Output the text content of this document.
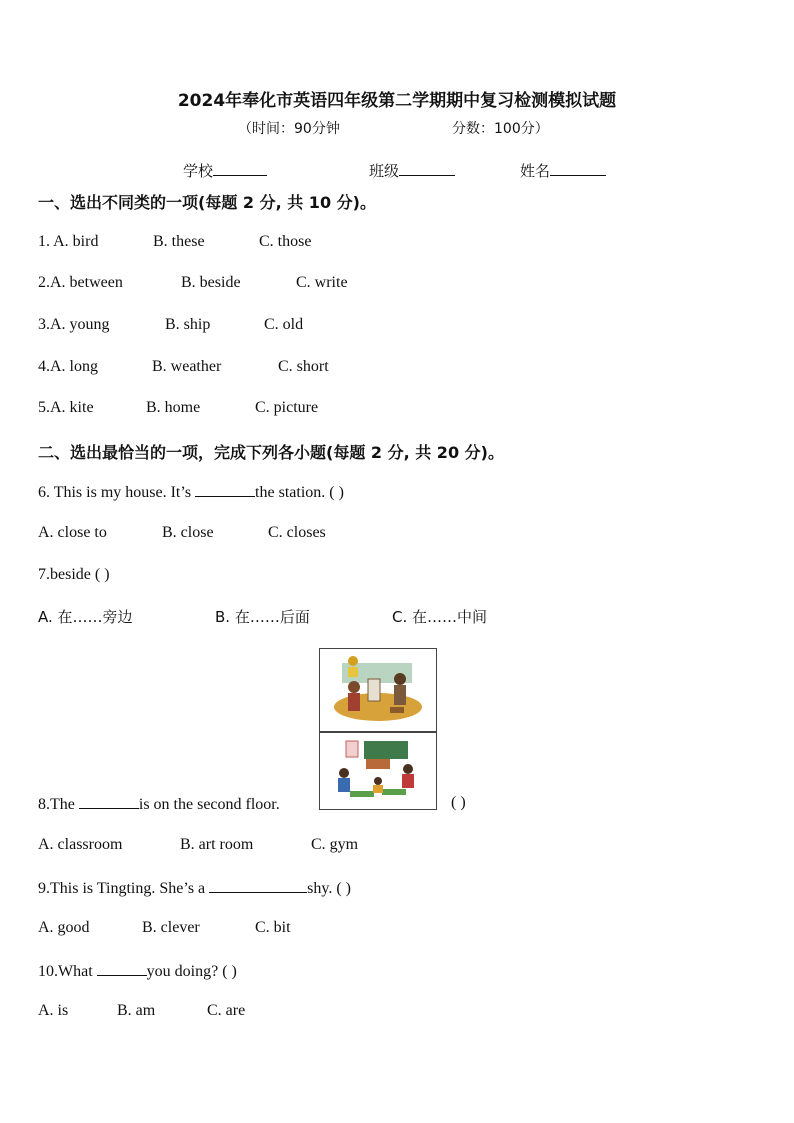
2024年奉化市英语四年级第二学期期中复习检测模拟试题
（时间：90分钟	分数：100分）
学校	班级	姓名
一、选出不同类的一项(每题 2 分, 共 10 分)。
1. A. bird	B. these	C. those
2.A. between	B. beside	C. write
3.A. young	B. ship	C. old
4.A. long	B. weather	C. short
5.A. kite	B. home	C. picture
二、选出最恰当的一项，完成下列各小题(每题 2 分, 共 20 分)。
6. This is my house. It’s	the station. ( )
A. close to	B. close	C. closes
7.beside ( )
A. 在……旁边	B. 在……后面	C. 在……中间
8.The	is on the second floor.	( )
A. classroom	B. art room	C. gym
9.This is Tingting. She’s a	shy. ( )
A. good	B. clever	C. bit
10.What	you doing? ( )
A. is	B. am	C. are
